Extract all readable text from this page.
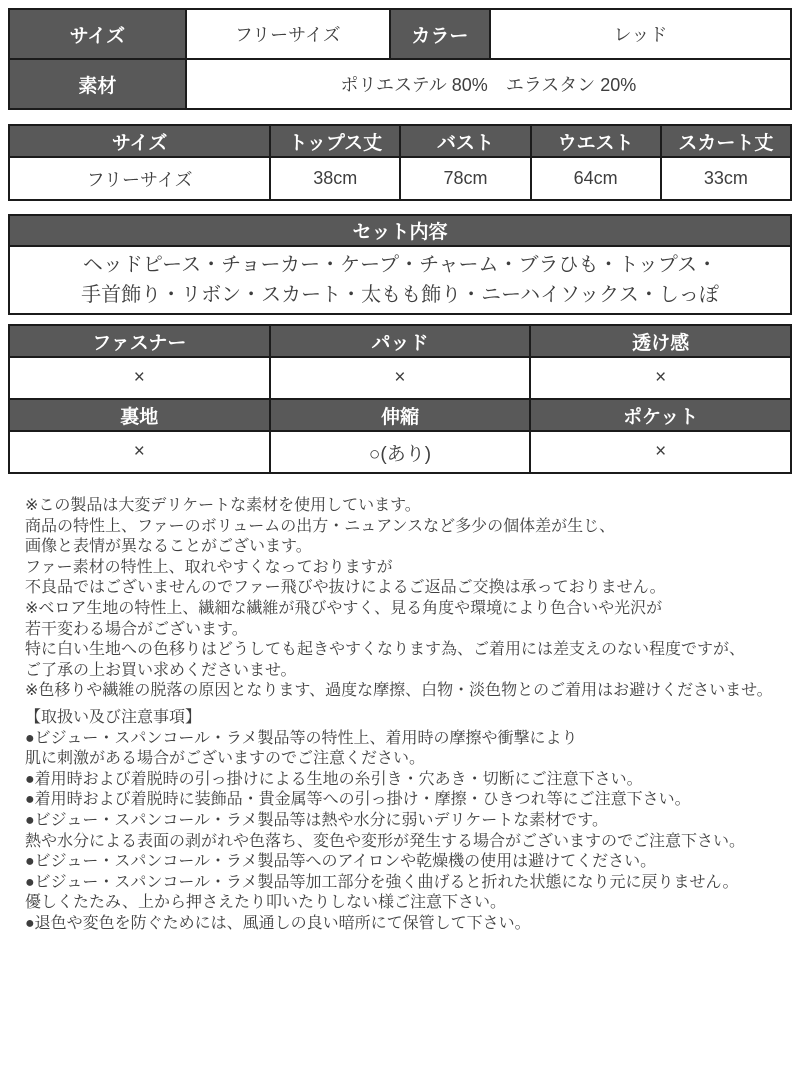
サイズ	フリーサイズ	カラー	レッド
素材	ポリエステル 80%　エラスタン 20%		
サイズ	トップス丈	バスト	ウエスト	スカート丈
フリーサイズ	38cm	78cm	64cm	33cm
セット内容

ヘッドピース・チョーカー・ケープ・チャーム・ブラひも・トップス・
手首飾り・リボン・スカート・太もも飾り・ニーハイソックス・しっぽ
ファスナー	パッド	透け感
×	×	×
裏地	伸縮	ポケット
×	○(あり)	×
※この製品は大変デリケートな素材を使用しています。
商品の特性上、ファーのボリュームの出方・ニュアンスなど多少の個体差が生じ、
画像と表情が異なることがございます。
ファー素材の特性上、取れやすくなっておりますが
不良品ではございませんのでファー飛びや抜けによるご返品ご交換は承っておりません。
※ベロア生地の特性上、繊細な繊維が飛びやすく、見る角度や環境により色合いや光沢が
若干変わる場合がございます。
特に白い生地への色移りはどうしても起きやすくなります為、ご着用には差支えのない程度ですが、
ご了承の上お買い求めくださいませ。
※色移りや繊維の脱落の原因となります、過度な摩擦、白物・淡色物とのご着用はお避けくださいませ。
【取扱い及び注意事項】
●ビジュー・スパンコール・ラメ製品等の特性上、着用時の摩擦や衝撃により
肌に刺激がある場合がございますのでご注意ください。
●着用時および着脱時の引っ掛けによる生地の糸引き・穴あき・切断にご注意下さい。
●着用時および着脱時に装飾品・貴金属等への引っ掛け・摩擦・ひきつれ等にご注意下さい。
●ビジュー・スパンコール・ラメ製品等は熱や水分に弱いデリケートな素材です。
熱や水分による表面の剥がれや色落ち、変色や変形が発生する場合がございますのでご注意下さい。
●ビジュー・スパンコール・ラメ製品等へのアイロンや乾燥機の使用は避けてください。
●ビジュー・スパンコール・ラメ製品等加工部分を強く曲げると折れた状態になり元に戻りません。
優しくたたみ、上から押さえたり叩いたりしない様ご注意下さい。
●退色や変色を防ぐためには、風通しの良い暗所にて保管して下さい。
